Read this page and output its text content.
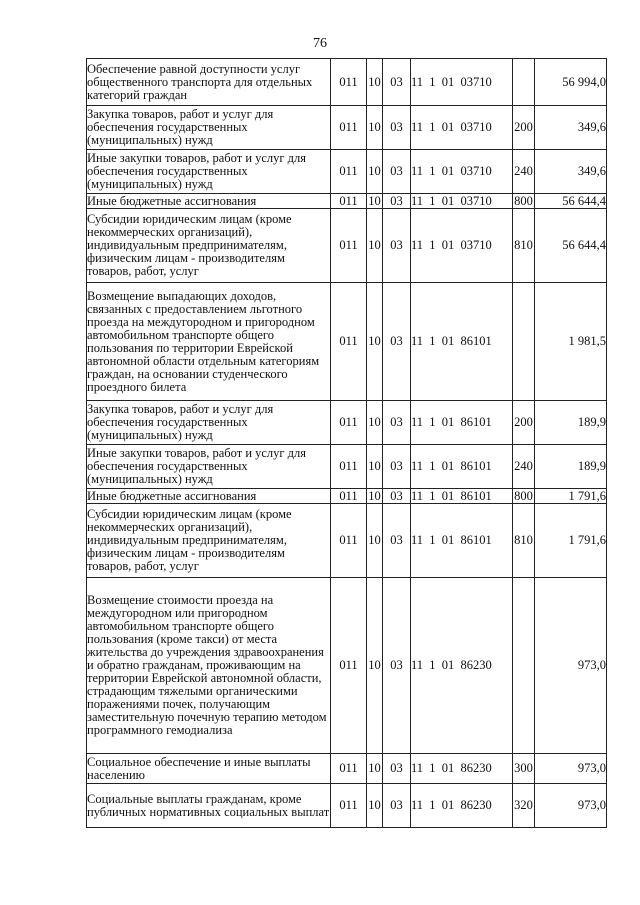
76
Обеспечение равной доступности услуг общественного транспорта для отдельных категорий граждан	011	10	03	11  1  01  03710		56 994,0
Закупка товаров, работ и услуг для обеспечения государственных (муниципальных) нужд	011	10	03	11  1  01  03710	200	349,6
Иные закупки товаров, работ и услуг для обеспечения государственных (муниципальных) нужд	011	10	03	11  1  01  03710	240	349,6
Иные бюджетные ассигнования	011	10	03	11  1  01  03710	800	56 644,4
Субсидии юридическим лицам (кроме некоммерческих организаций), индивидуальным предпринимателям, физическим лицам - производителям товаров, работ, услуг	011	10	03	11  1  01  03710	810	56 644,4
Возмещение выпадающих доходов, связанных с предоставлением льготного проезда на междугородном и пригородном автомобильном транспорте общего пользования по территории Еврейской автономной области отдельным категориям граждан, на основании студенческого проездного билета	011	10	03	11  1  01  86101		1 981,5
Закупка товаров, работ и услуг для обеспечения государственных (муниципальных) нужд	011	10	03	11  1  01  86101	200	189,9
Иные закупки товаров, работ и услуг для обеспечения государственных (муниципальных) нужд	011	10	03	11  1  01  86101	240	189,9
Иные бюджетные ассигнования	011	10	03	11  1  01  86101	800	1 791,6
Субсидии юридическим лицам (кроме некоммерческих организаций), индивидуальным предпринимателям, физическим лицам - производителям товаров, работ, услуг	011	10	03	11  1  01  86101	810	1 791,6
Возмещение стоимости проезда на междугородном или пригородном автомобильном транспорте общего пользования (кроме такси) от места жительства до учреждения здравоохранения и обратно гражданам, проживающим на территории Еврейской автономной области, страдающим тяжелыми органическими поражениями почек, получающим заместительную почечную терапию методом программного гемодиализа	011	10	03	11  1  01  86230		973,0
Социальное обеспечение и иные выплаты населению	011	10	03	11  1  01  86230	300	973,0
Социальные выплаты гражданам, кроме публичных нормативных социальных выплат	011	10	03	11  1  01  86230	320	973,0
